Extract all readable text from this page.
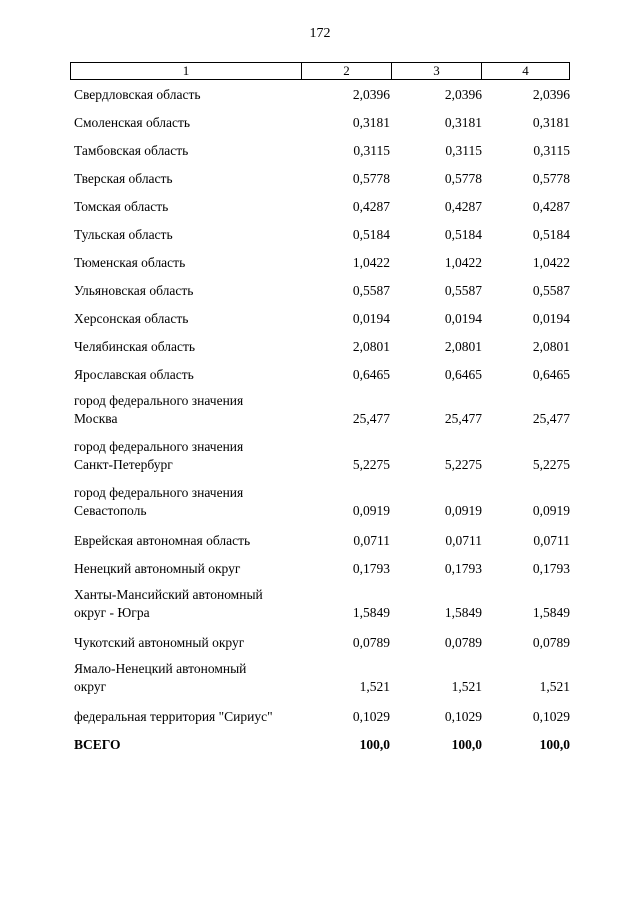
172
1	2	3	4
Свердловская область	2,0396	2,0396	2,0396
Смоленская область	0,3181	0,3181	0,3181
Тамбовская область	0,3115	0,3115	0,3115
Тверская область	0,5778	0,5778	0,5778
Томская область	0,4287	0,4287	0,4287
Тульская область	0,5184	0,5184	0,5184
Тюменская область	1,0422	1,0422	1,0422
Ульяновская область	0,5587	0,5587	0,5587
Херсонская область	0,0194	0,0194	0,0194
Челябинская область	2,0801	2,0801	2,0801
Ярославская область	0,6465	0,6465	0,6465
город федерального значения
Москва	25,477	25,477	25,477
город федерального значения
Санкт-Петербург	5,2275	5,2275	5,2275
город федерального значения
Севастополь	0,0919	0,0919	0,0919
Еврейская автономная область	0,0711	0,0711	0,0711
Ненецкий автономный округ	0,1793	0,1793	0,1793
Ханты-Мансийский автономный
округ - Югра	1,5849	1,5849	1,5849
Чукотский автономный округ	0,0789	0,0789	0,0789
Ямало-Ненецкий автономный
округ	1,521	1,521	1,521
федеральная территория "Сириус"	0,1029	0,1029	0,1029
ВСЕГО	100,0	100,0	100,0
